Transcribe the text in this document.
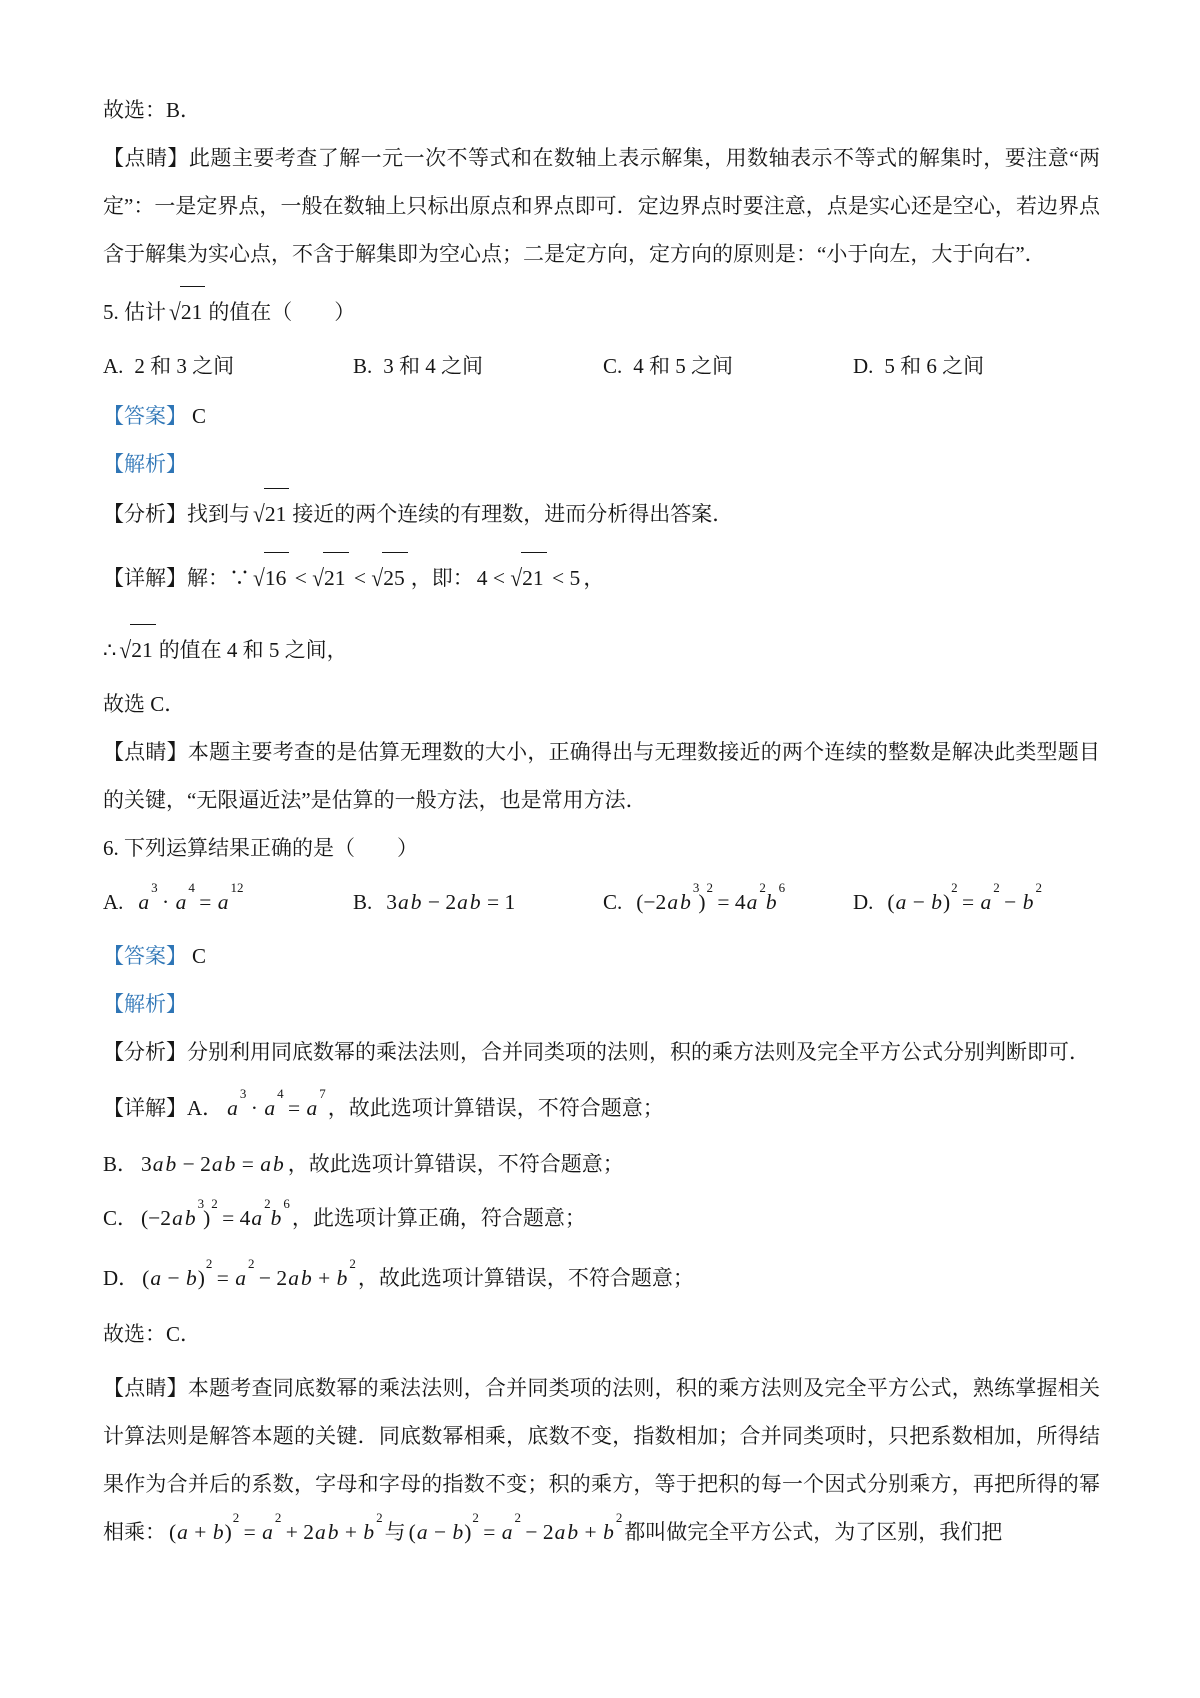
故选：B．

【点睛】此题主要考查了解一元一次不等式和在数轴上表示解集，用数轴表示不等式的解集时，要注意“两定”：一是定界点，一般在数轴上只标出原点和界点即可．定边界点时要注意，点是实心还是空心，若边界点含于解集为实心点，不含于解集即为空心点；二是定方向，定方向的原则是：“小于向左，大于向右”．

5. 估计 √21 的值在（　　）

A. 2 和 3 之间	B. 3 和 4 之间	C. 4 和 5 之间	D. 5 和 6 之间

【答案】 C

【解析】

【分析】找到与 √21 接近的两个连续的有理数，进而分析得出答案．

【详解】解：∵ √16 < √21 < √25 ，即： 4 < √21 < 5 ，

∴ √21 的值在 4 和 5 之间，

故选 C．

【点睛】本题主要考查的是估算无理数的大小，正确得出与无理数接近的两个连续的整数是解决此类型题目的关键，“无限逼近法”是估算的一般方法，也是常用方法．

6. 下列运算结果正确的是（　　）

A. $a^3 \cdot a^4 = a^{12}$
B. 3ab − 2ab = 1	C. $(-2ab^3)^2 = 4a^2b^6$
D. $(a - b)^2 = a^2 - b^2$

【答案】 C

【解析】

【分析】分别利用同底数幂的乘法法则，合并同类项的法则，积的乘方法则及完全平方公式分别判断即可．

【详解】A． $a^3 \cdot a^4 = a^7$，故此选项计算错误，不符合题意；

B． 3ab − 2ab = ab ，故此选项计算错误，不符合题意；

C． $(-2ab^3)^2 = 4a^2b^6$，此选项计算正确，符合题意；

D． $(a - b)^2 = a^2 - 2ab + b^2$，故此选项计算错误，不符合题意；

故选：C．

【点睛】本题考查同底数幂的乘法法则，合并同类项的法则，积的乘方法则及完全平方公式，熟练掌握相关计算法则是解答本题的关键．同底数幂相乘，底数不变，指数相加；合并同类项时，只把系数相加，所得结果作为合并后的系数，字母和字母的指数不变；积的乘方，等于把积的每一个因式分别乘方，再把所得的幂相乘： $(a + b)^2 = a^2 + 2ab + b^2$与 $(a - b)^2 = a^2 - 2ab + b^2$都叫做完全平方公式，为了区别，我们把
